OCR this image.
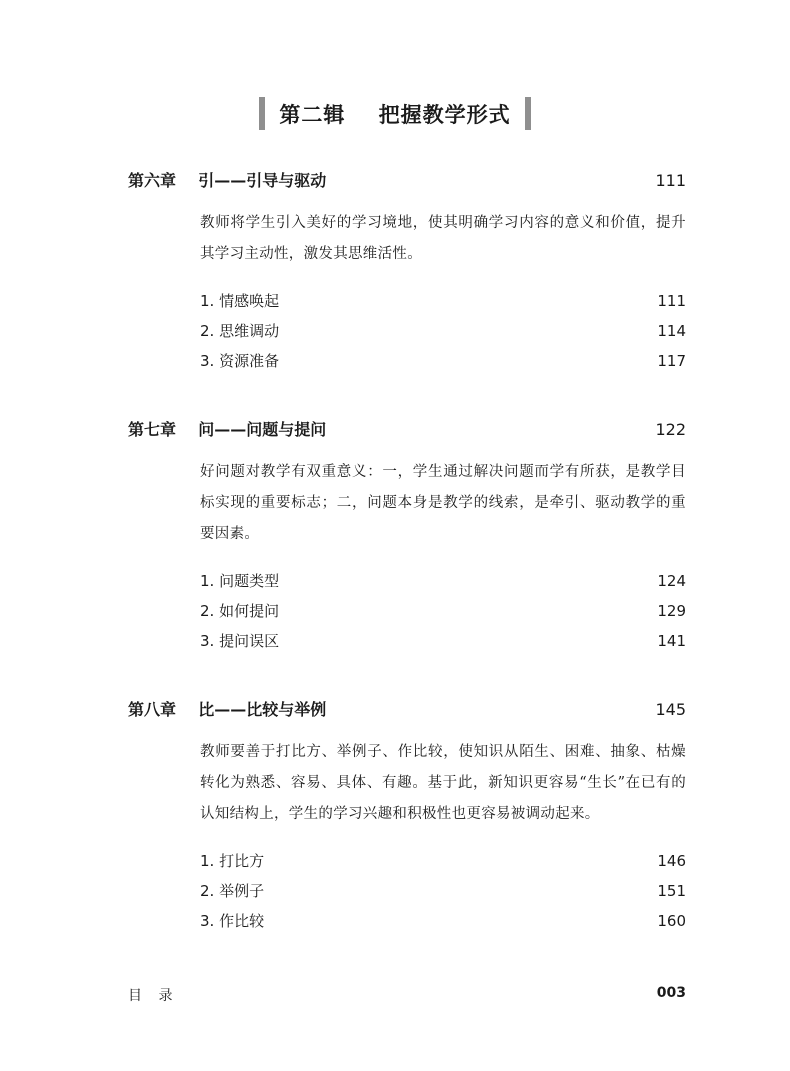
第二辑    把握教学形式
第六章    引——引导与驱动	111
教师将学生引入美好的学习境地，使其明确学习内容的意义和价值，提升其学习主动性，激发其思维活性。
1. 情感唤起	111
2. 思维调动	114
3. 资源准备	117
第七章    问——问题与提问	122
好问题对教学有双重意义：一，学生通过解决问题而学有所获，是教学目标实现的重要标志；二，问题本身是教学的线索，是牵引、驱动教学的重要因素。
1. 问题类型	124
2. 如何提问	129
3. 提问误区	141
第八章    比——比较与举例	145
教师要善于打比方、举例子、作比较，使知识从陌生、困难、抽象、枯燥转化为熟悉、容易、具体、有趣。基于此，新知识更容易“生长”在已有的认知结构上，学生的学习兴趣和积极性也更容易被调动起来。
1. 打比方	146
2. 举例子	151
3. 作比较	160
目 录	003
